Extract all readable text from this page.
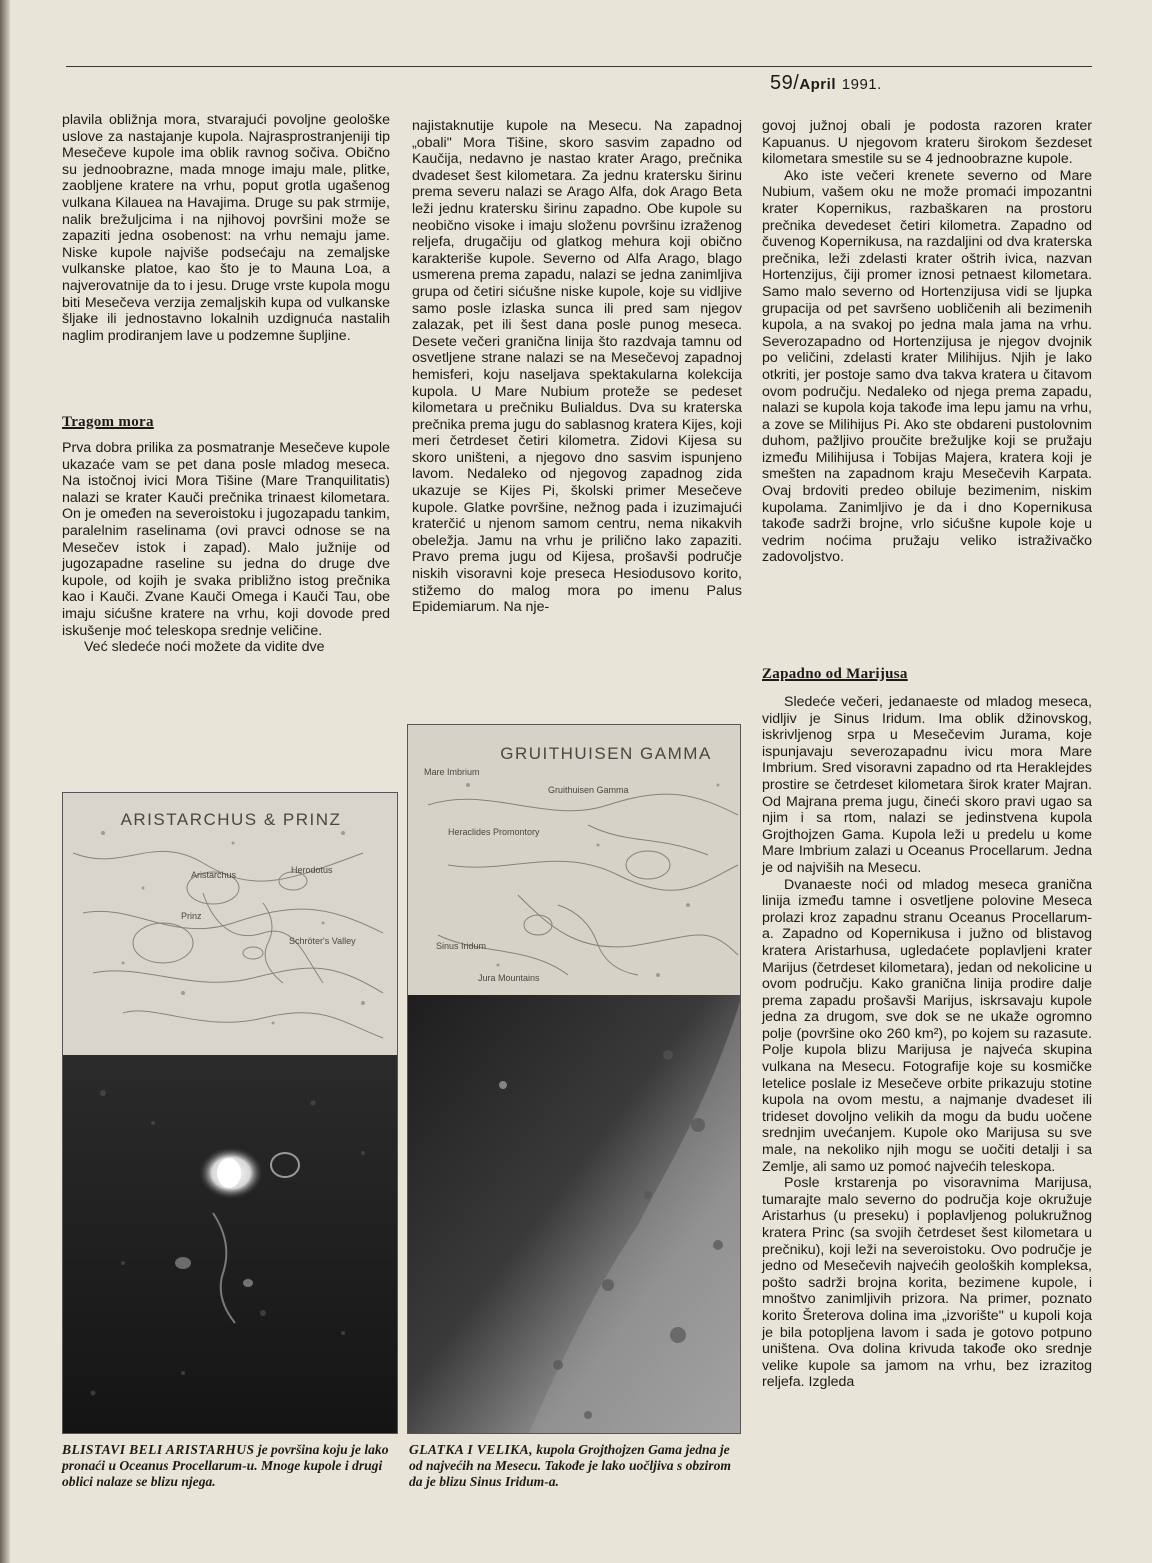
59/April 1991.

plavila obližnja mora, stvarajući povoljne geološke uslove za nastajanje kupola. Najrasprostranjeniji tip Mesečeve kupole ima oblik ravnog sočiva. Obično su jednoobrazne, mada mnoge imaju male, plitke, zaobljene kratere na vrhu, poput grotla ugašenog vulkana Kilauea na Havajima. Druge su pak strmije, nalik brežuljcima i na njihovoj površini može se zapaziti jedna osobenost: na vrhu nemaju jame. Niske kupole najviše podsećaju na zemaljske vulkanske platoe, kao što je to Mauna Loa, a najverovatnije da to i jesu. Druge vrste kupola mogu biti Mesečeva verzija zemaljskih kupa od vulkanske šljake ili jednostavno lokalnih uzdignuća nastalih naglim prodiranjem lave u podzemne šupljine.

Tragom mora

Prva dobra prilika za posmatranje Mesečeve kupole ukazaće vam se pet dana posle mladog meseca. Na istočnoj ivici Mora Tišine (Mare Tranquilitatis) nalazi se krater Kauči prečnika trinaest kilometara. On je omeđen na severoistoku i jugozapadu tankim, paralelnim raselinama (ovi pravci odnose se na Mesečev istok i zapad). Malo južnije od jugozapadne raseline su jedna do druge dve kupole, od kojih je svaka približno istog prečnika kao i Kauči. Zvane Kauči Omega i Kauči Tau, obe imaju sićušne kratere na vrhu, koji dovode pred iskušenje moć teleskopa srednje veličine.

Već sledeće noći možete da vidite dve

najistaknutije kupole na Mesecu. Na zapadnoj „obali" Mora Tišine, skoro sasvim zapadno od Kaučija, nedavno je nastao krater Arago, prečnika dvadeset šest kilometara. Za jednu kratersku širinu prema severu nalazi se Arago Alfa, dok Arago Beta leži jednu kratersku širinu zapadno. Obe kupole su neobično visoke i imaju složenu površinu izraženog reljefa, drugačiju od glatkog mehura koji obično karakteriše kupole. Severno od Alfa Arago, blago usmerena prema zapadu, nalazi se jedna zanimljiva grupa od četiri sićušne niske kupole, koje su vidljive samo posle izlaska sunca ili pred sam njegov zalazak, pet ili šest dana posle punog meseca. Desete večeri granična linija što razdvaja tamnu od osvetljene strane nalazi se na Mesečevoj zapadnoj hemisferi, koju naseljava spektakularna kolekcija kupola. U Mare Nubium proteže se pedeset kilometara u prečniku Bulialdus. Dva su kraterska prečnika prema jugu do sablasnog kratera Kijes, koji meri četrdeset četiri kilometra. Zidovi Kijesa su skoro uništeni, a njegovo dno sasvim ispunjeno lavom. Nedaleko od njegovog zapadnog zida ukazuje se Kijes Pi, školski primer Mesečeve kupole. Glatke površine, nežnog pada i izuzimajući kraterčić u njenom samom centru, nema nikakvih obeležja. Jamu na vrhu je prilično lako zapaziti. Pravo prema jugu od Kijesa, prošavši područje niskih visoravni koje preseca Hesiodusovo korito, stižemo do malog mora po imenu Palus Epidemiarum. Na nje-

govoj južnoj obali je podosta razoren krater Kapuanus. U njegovom krateru širokom šezdeset kilometara smestile su se 4 jednoobrazne kupole.

Ako iste večeri krenete severno od Mare Nubium, vašem oku ne može promaći impozantni krater Kopernikus, razbaškaren na prostoru prečnika devedeset četiri kilometra. Zapadno od čuvenog Kopernikusa, na razdaljini od dva kraterska prečnika, leži zdelasti krater oštrih ivica, nazvan Hortenzijus, čiji promer iznosi petnaest kilometara. Samo malo severno od Hortenzijusa vidi se ljupka grupacija od pet savršeno uobličenih ali bezimenih kupola, a na svakoj po jedna mala jama na vrhu. Severozapadno od Hortenzijusa je njegov dvojnik po veličini, zdelasti krater Milihijus. Njih je lako otkriti, jer postoje samo dva takva kratera u čitavom ovom području. Nedaleko od njega prema zapadu, nalazi se kupola koja takođe ima lepu jamu na vrhu, a zove se Milihijus Pi. Ako ste obdareni pustolovnim duhom, pažljivo proučite brežuljke koji se pružaju između Milihijusa i Tobijas Majera, kratera koji je smešten na zapadnom kraju Mesečevih Karpata. Ovaj brdoviti predeo obiluje bezimenim, niskim kupolama. Zanimljivo je da i dno Kopernikusa takođe sadrži brojne, vrlo sićušne kupole koje u vedrim noćima pružaju veliko istraživačko zadovoljstvo.

Zapadno od Marijusa

Sledeće večeri, jedanaeste od mladog meseca, vidljiv je Sinus Iridum. Ima oblik džinovskog, iskrivljenog srpa u Mesečevim Jurama, koje ispunjavaju severozapadnu ivicu mora Mare Imbrium. Sred visoravni zapadno od rta Heraklejdes prostire se četrdeset kilometara širok krater Majran. Od Majrana prema jugu, čineći skoro pravi ugao sa njim i sa rtom, nalazi se jedinstvena kupola Grojthojzen Gama. Kupola leži u predelu u kome Mare Imbrium zalazi u Oceanus Procellarum. Jedna je od najviših na Mesecu.

Dvanaeste noći od mladog meseca granična linija između tamne i osvetljene polovine Meseca prolazi kroz zapadnu stranu Oceanus Procellarum-a. Zapadno od Kopernikusa i južno od blistavog kratera Aristarhusa, ugledaćete poplavljeni krater Marijus (četrdeset kilometara), jedan od nekolicine u ovom području. Kako granična linija prodire dalje prema zapadu prošavši Marijus, iskrsavaju kupole jedna za drugom, sve dok se ne ukaže ogromno polje (površine oko 260 km²), po kojem su razasute. Polje kupola blizu Marijusa je najveća skupina vulkana na Mesecu. Fotografije koje su kosmičke letelice poslale iz Mesečeve orbite prikazuju stotine kupola na ovom mestu, a najmanje dvadeset ili trideset dovoljno velikih da mogu da budu uočene srednjim uvećanjem. Kupole oko Marijusa su sve male, na nekoliko njih mogu se uočiti detalji i sa Zemlje, ali samo uz pomoć najvećih teleskopa.

Posle krstarenja po visoravnima Marijusa, tumarajte malo severno do područja koje okružuje Aristarhus (u preseku) i poplavljenog polukružnog kratera Princ (sa svojih četrdeset šest kilometara u prečniku), koji leži na severoistoku. Ovo područje je jedno od Mesečevih najvećih geoloških kompleksa, pošto sadrži brojna korita, bezimene kupole, i mnoštvo zanimljivih prizora. Na primer, poznato korito Šreterova dolina ima „izvorište" u kupoli koja je bila potopljena lavom i sada je gotovo potpuno uništena. Ova dolina krivudа takođe oko srednje velike kupole sa jamom na vrhu, bez izrazitog reljefa. Izgleda

ARISTARCHUS & PRINZ
Aristarchus	Herodotus
Prinz
Schröter's Valley
GRUITHUISEN GAMMA
Mare Imbrium
Gruithuisen Gamma
Heraclides Promontory
Sinus Iridum
Jura Mountains
BLISTAVI BELI ARISTARHUS je površina koju je lako pronaći u Oceanus Procellarum-u. Mnoge kupole i drugi oblici nalaze se blizu njega.
GLATKA I VELIKA, kupola Grojthojzen Gama jedna je od najvećih na Mesecu. Takođe je lako uočljiva s obzirom da je blizu Sinus Iridum-a.
